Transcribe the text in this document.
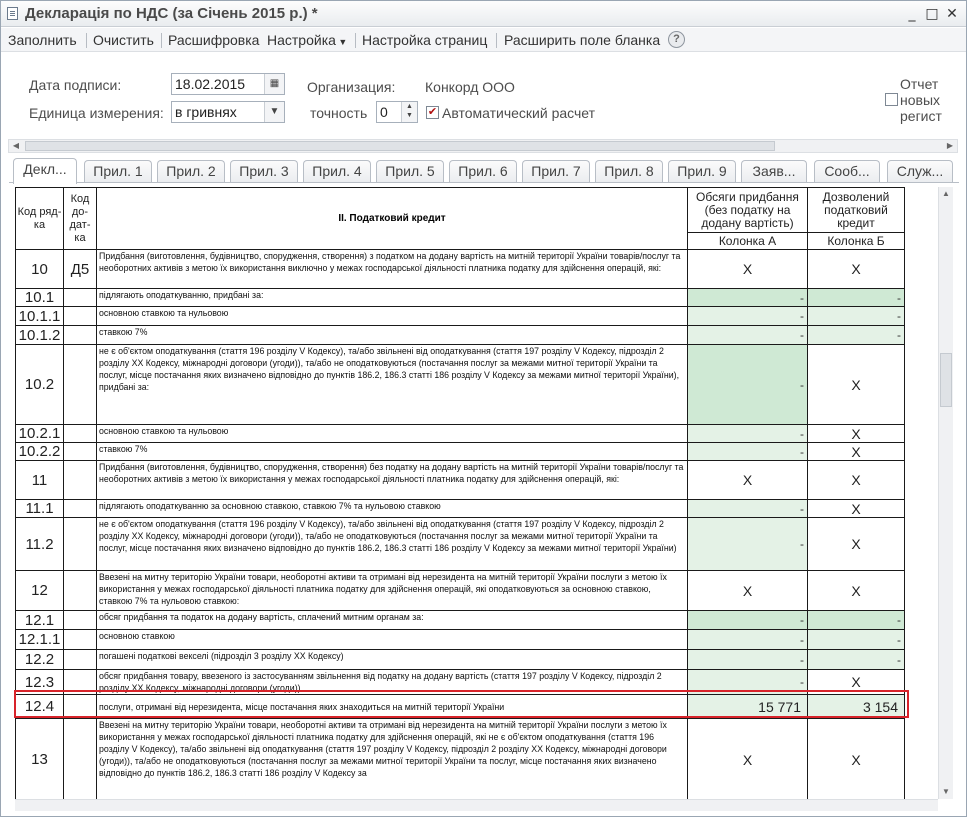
Декларація по НДС (за Січень 2015 р.) *	_ □ ✕
Заполнить Очистить Расшифровка Настройка ▼ Настройка страниц Расширить поле бланка	?
Дата подписи:	18.02.2015	▦
Единица измерения: в гривнях	▼
Организация: Конкорд ООО
точность 0	▲
▼	✔ Автоматический расчет
Отчет
новых
регист
◀	▶
Декл...	Прил. 1	Прил. 2	Прил. 3	Прил. 4	Прил. 5	Прил. 6	Прил. 7	Прил. 8	Прил. 9	Заяв...	Сооб...	Служ...
Код ряд-ка	Код до-дат-ка	ІІ. Податковий кредит	Обсяги придбання (без податку на додану вартість)	Дозволений податковий кредит
			Колонка А	Колонка Б
10	Д5	Придбання (виготовлення, будівництво, спорудження, створення) з податком на додану вартість на митній території України товарів/послуг та необоротних активів з метою їх використання виключно у межах господарської діяльності платника податку для здійснення операцій, які:	X	X
10.1		підлягають оподаткуванню, придбані за:	-	-
10.1.1		основною ставкою та нульовою	-	-
10.1.2		ставкою 7%	-	-
10.2		не є об'єктом оподаткування (стаття 196 розділу V Кодексу), та/або звільнені від оподаткування (стаття 197 розділу V Кодексу, підрозділ 2 розділу ХХ Кодексу, міжнародні договори (угоди)), та/або не оподатковуються (постачання послуг за межами митної території України та послуг, місце постачання яких визначено відповідно до пунктів 186.2, 186.3 статті 186 розділу V Кодексу за межами митної території України), придбані за:	-	X
10.2.1		основною ставкою та нульовою	-	X
10.2.2		ставкою 7%	-	X
11		Придбання (виготовлення, будівництво, спорудження, створення) без податку на додану вартість на митній території України товарів/послуг та необоротних активів з метою їх використання у межах господарської діяльності платника податку для здійснення операцій, які:	X	X
11.1		підлягають оподаткуванню за основною ставкою, ставкою 7% та нульовою ставкою	-	X
11.2		не є об'єктом оподаткування (стаття 196 розділу V Кодексу), та/або звільнені від оподаткування (стаття 197 розділу V Кодексу, підрозділ 2 розділу ХХ Кодексу, міжнародні договори (угоди)), та/або не оподатковуються (постачання послуг за межами митної території України та послуг, місце постачання яких визначено відповідно до пунктів 186.2, 186.3 статті 186 розділу V Кодексу за межами митної території України)	-	X
12		Ввезені на митну територію України товари, необоротні активи та отримані від нерезидента на митній території України послуги з метою їх використання у межах господарської діяльності платника податку для здійснення операцій, які оподатковуються за основною ставкою, ставкою 7% та нульовою ставкою:	X	X
12.1		обсяг придбання та податок на додану вартість, сплачений митним органам за:	-	-
12.1.1		основною ставкою	-	-
12.2		погашені податкові векселі (підрозділ 3 розділу ХХ Кодексу)	-	-
12.3		обсяг придбання товару, ввезеного із застосуванням звільнення від податку на додану вартість (стаття 197 розділу V Кодексу, підрозділ 2 розділу ХХ Кодексу, міжнародні договори (угоди))	-	X
12.4		послуги, отримані від нерезидента, місце постачання яких знаходиться на митній території України	15 771	3 154
13		Ввезені на митну територію України товари, необоротні активи та отримані від нерезидента на митній території України послуги з метою їх використання у межах господарської діяльності платника податку для здійснення операцій, які не є об'єктом оподаткування (стаття 196 розділу V Кодексу), та/або звільнені від оподаткування (стаття 197 розділу V Кодексу, підрозділ 2 розділу ХХ Кодексу, міжнародні договори (угоди)), та/або не оподатковуються (постачання послуг за межами митної території України та послуг, місце постачання яких визначено відповідно до пунктів 186.2, 186.3 статті 186 розділу V Кодексу за	X	X
▲
▼
